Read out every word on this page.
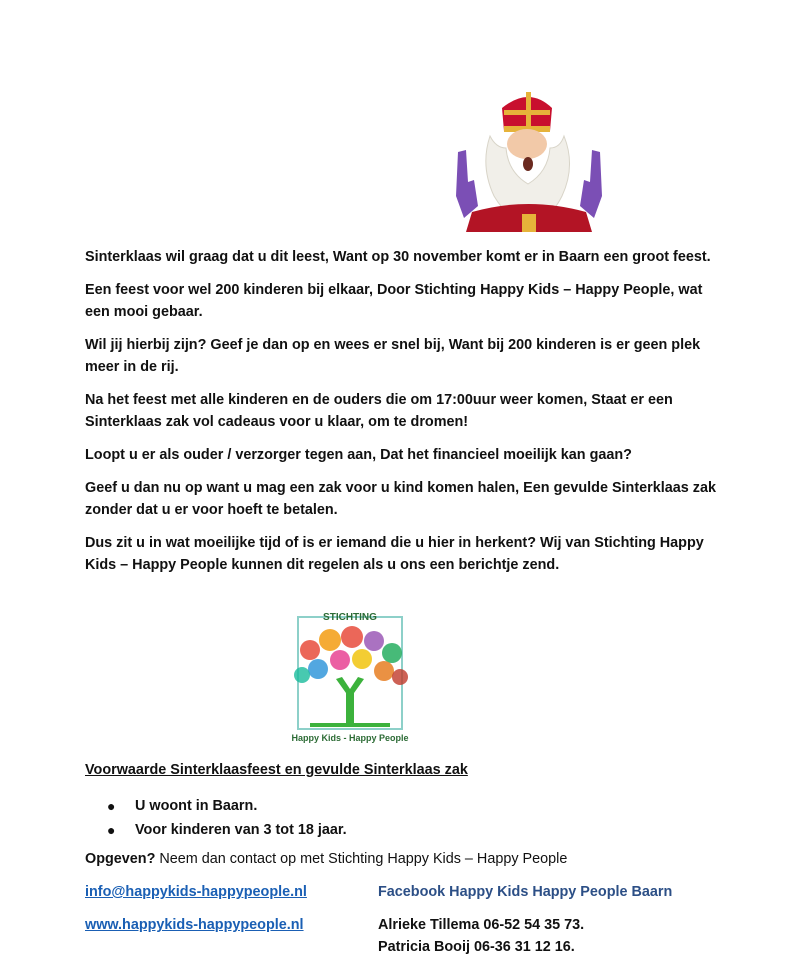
Sinterklaas wil graag dat u dit leest, Want op 30 november komt er in Baarn een groot feest.

Een feest voor wel 200 kinderen bij elkaar, Door Stichting Happy Kids – Happy People, wat een mooi gebaar.

Wil jij hierbij zijn? Geef je dan op en wees er snel bij, Want bij 200 kinderen is er geen plek meer in de rij.

Na het feest met alle kinderen en de ouders die om 17:00uur weer komen, Staat er een Sinterklaas zak vol cadeaus voor u klaar, om te dromen!

Loopt u er als ouder / verzorger tegen aan, Dat het financieel moeilijk kan gaan?

Geef u dan nu op want u mag een zak voor u kind komen halen, Een gevulde Sinterklaas zak zonder dat u er voor hoeft te betalen.

Dus zit u in wat moeilijke tijd of is er iemand die u hier in herkent? Wij van Stichting Happy Kids – Happy People kunnen dit regelen als u ons een berichtje zend.

STICHTING
Happy Kids - Happy People
Voorwaarde Sinterklaasfeest en gevulde Sinterklaas zak
● U woont in Baarn.
● Voor kinderen van 3 tot 18 jaar.
Opgeven? Neem dan contact op met Stichting Happy Kids – Happy People
info@happykids-happypeople.nl	Facebook Happy Kids Happy People Baarn
www.happykids-happypeople.nl	Alrieke Tillema 06-52 54 35 73.
Patricia Booij 06-36 31 12 16.
